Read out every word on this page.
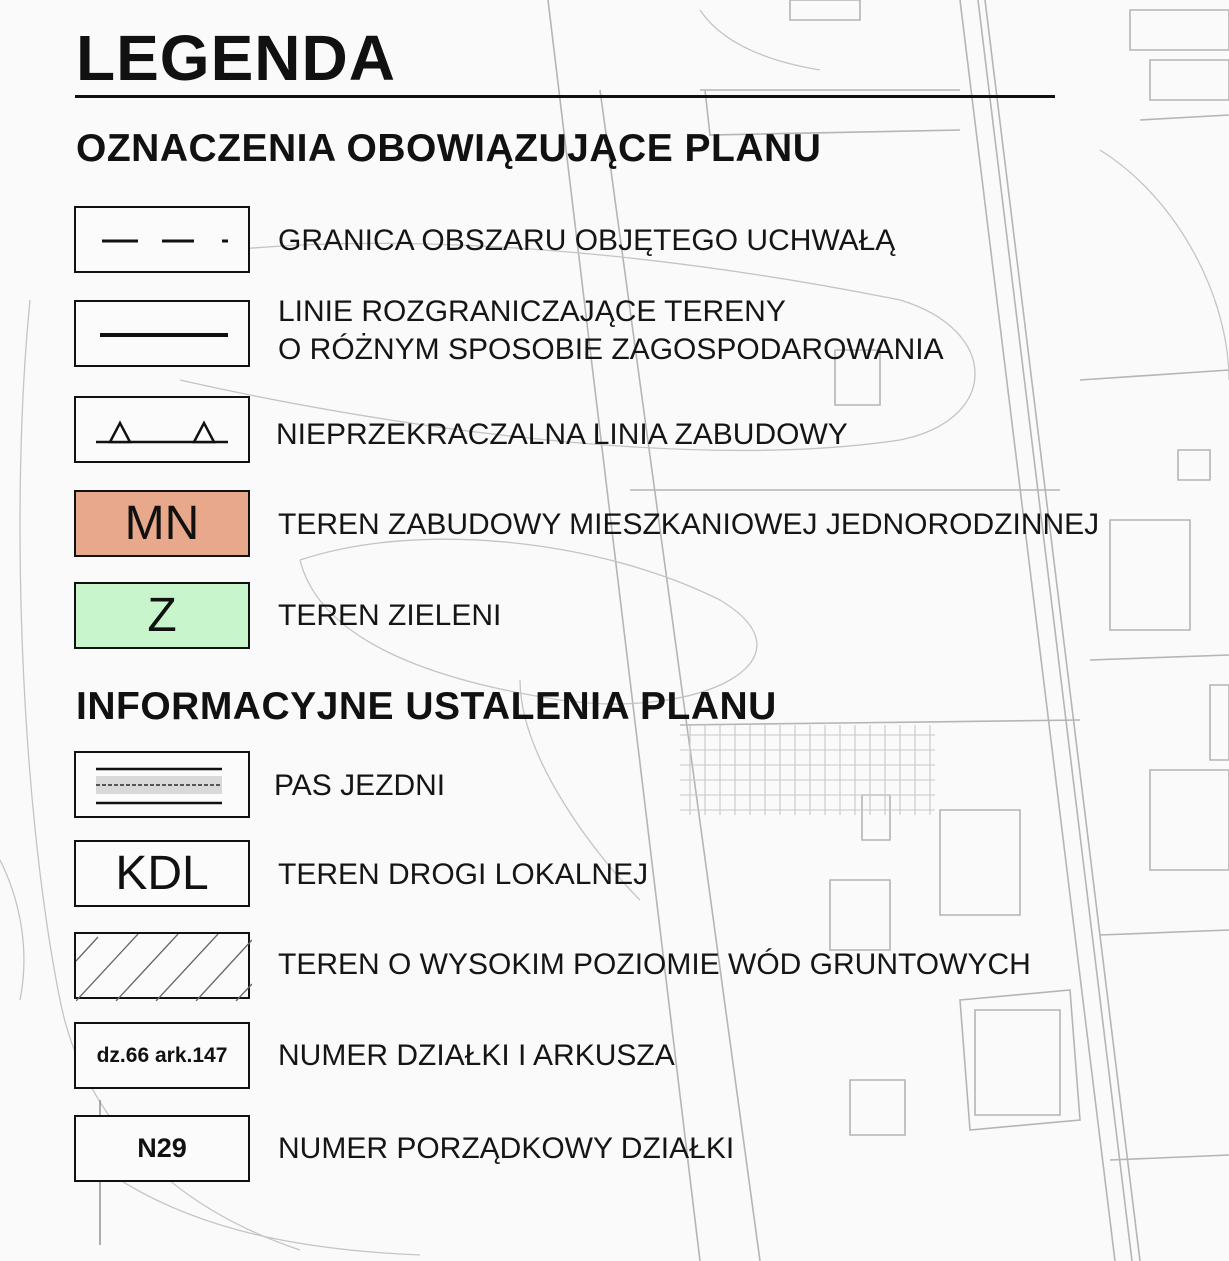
LEGENDA
OZNACZENIA OBOWIĄZUJĄCE PLANU
GRANICA OBSZARU OBJĘTEGO UCHWAŁĄ
LINIE ROZGRANICZAJĄCE TERENY
O RÓŻNYM SPOSOBIE ZAGOSPODAROWANIA
NIEPRZEKRACZALNA LINIA ZABUDOWY
MN	TEREN ZABUDOWY MIESZKANIOWEJ JEDNORODZINNEJ
Z	TEREN ZIELENI
INFORMACYJNE USTALENIA PLANU
PAS JEZDNI
KDL	TEREN DROGI LOKALNEJ
TEREN O WYSOKIM POZIOMIE WÓD GRUNTOWYCH
dz.66 ark.147	NUMER DZIAŁKI I ARKUSZA
N29	NUMER PORZĄDKOWY DZIAŁKI
